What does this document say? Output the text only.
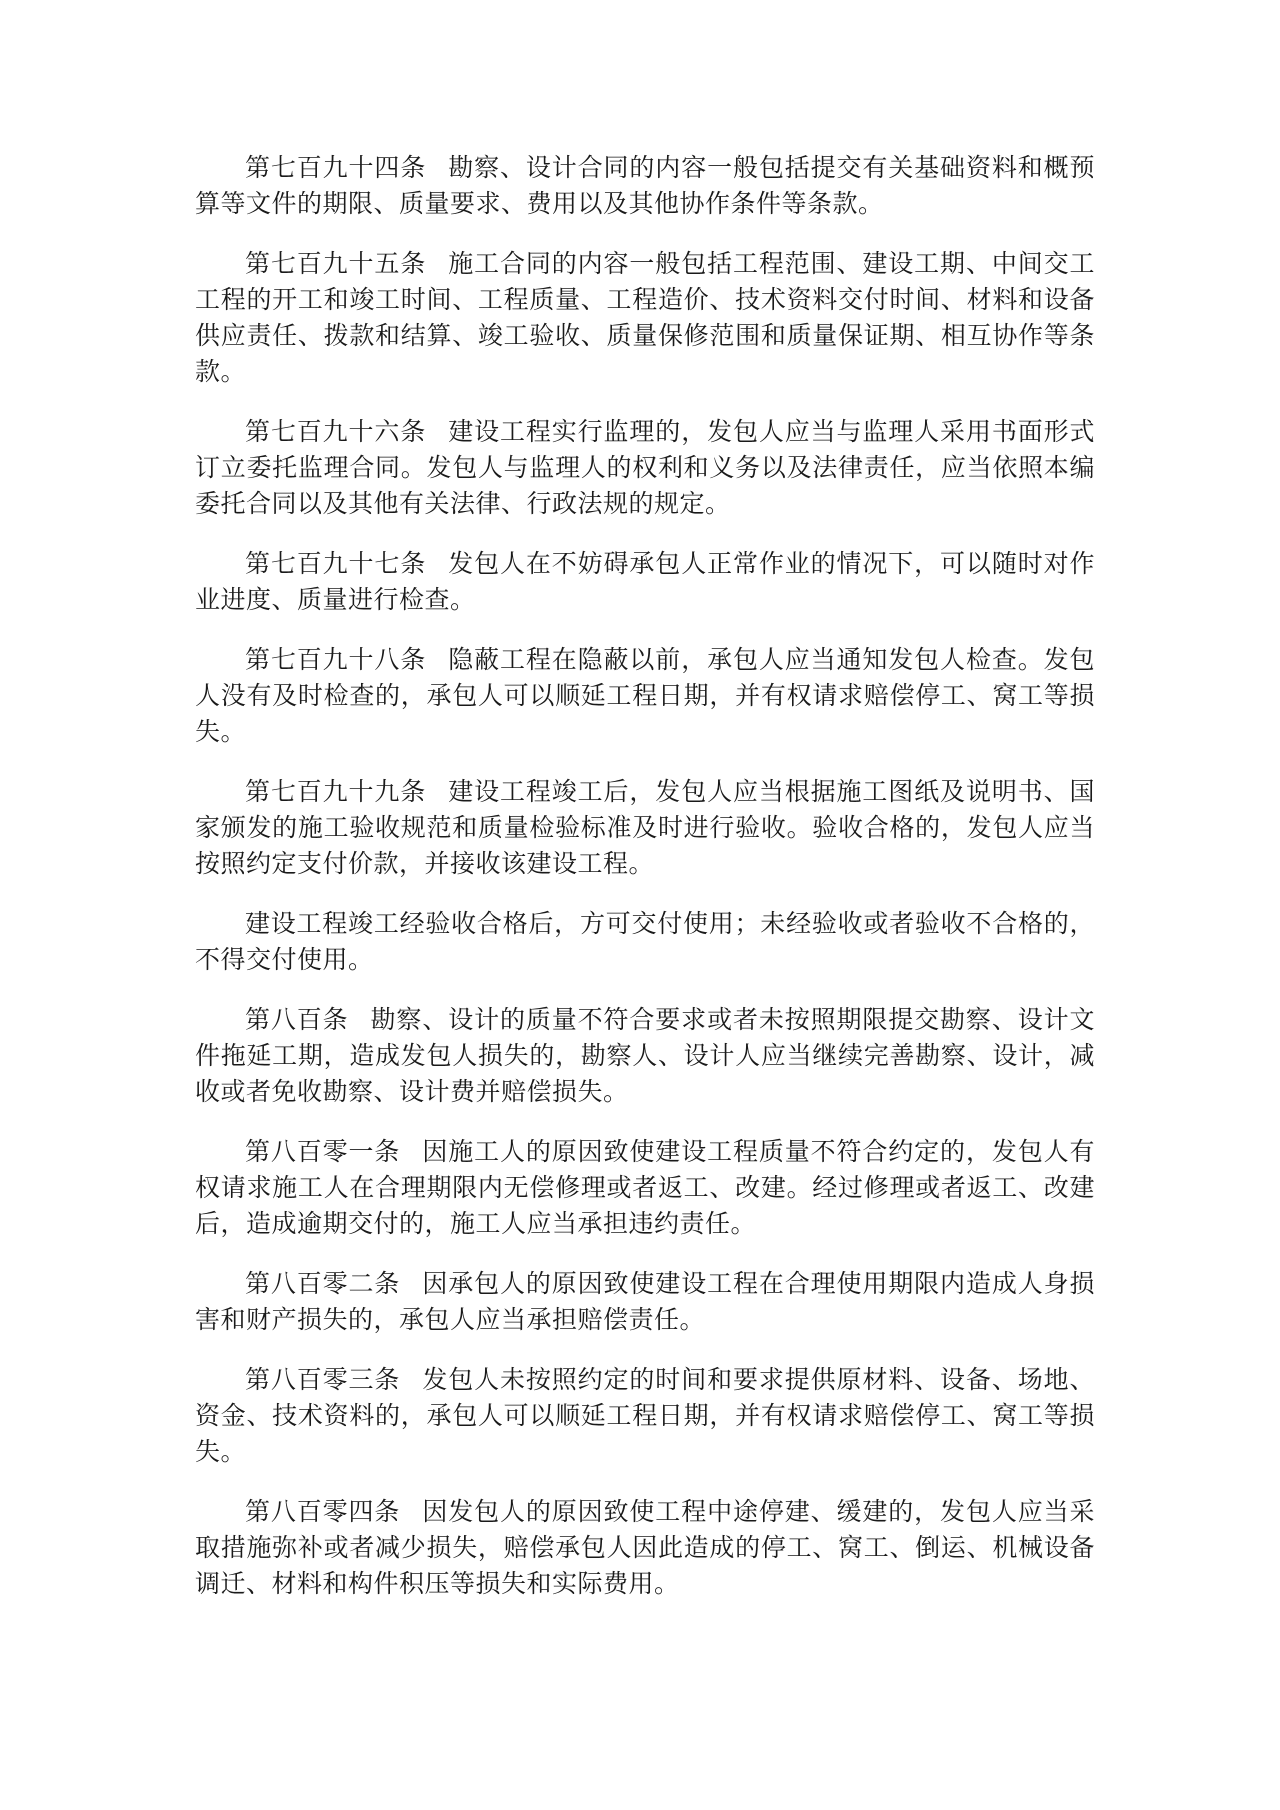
第七百九十四条 勘察、设计合同的内容一般包括提交有关基础资料和概预算等文件的期限、质量要求、费用以及其他协作条件等条款。

第七百九十五条 施工合同的内容一般包括工程范围、建设工期、中间交工工程的开工和竣工时间、工程质量、工程造价、技术资料交付时间、材料和设备供应责任、拨款和结算、竣工验收、质量保修范围和质量保证期、相互协作等条款。

第七百九十六条 建设工程实行监理的，发包人应当与监理人采用书面形式订立委托监理合同。发包人与监理人的权利和义务以及法律责任，应当依照本编委托合同以及其他有关法律、行政法规的规定。

第七百九十七条 发包人在不妨碍承包人正常作业的情况下，可以随时对作业进度、质量进行检查。

第七百九十八条 隐蔽工程在隐蔽以前，承包人应当通知发包人检查。发包人没有及时检查的，承包人可以顺延工程日期，并有权请求赔偿停工、窝工等损失。

第七百九十九条 建设工程竣工后，发包人应当根据施工图纸及说明书、国家颁发的施工验收规范和质量检验标准及时进行验收。验收合格的，发包人应当按照约定支付价款，并接收该建设工程。

建设工程竣工经验收合格后，方可交付使用；未经验收或者验收不合格的，不得交付使用。

第八百条 勘察、设计的质量不符合要求或者未按照期限提交勘察、设计文件拖延工期，造成发包人损失的，勘察人、设计人应当继续完善勘察、设计，减收或者免收勘察、设计费并赔偿损失。

第八百零一条 因施工人的原因致使建设工程质量不符合约定的，发包人有权请求施工人在合理期限内无偿修理或者返工、改建。经过修理或者返工、改建后，造成逾期交付的，施工人应当承担违约责任。

第八百零二条 因承包人的原因致使建设工程在合理使用期限内造成人身损害和财产损失的，承包人应当承担赔偿责任。

第八百零三条 发包人未按照约定的时间和要求提供原材料、设备、场地、资金、技术资料的，承包人可以顺延工程日期，并有权请求赔偿停工、窝工等损失。

第八百零四条 因发包人的原因致使工程中途停建、缓建的，发包人应当采取措施弥补或者减少损失，赔偿承包人因此造成的停工、窝工、倒运、机械设备调迁、材料和构件积压等损失和实际费用。
